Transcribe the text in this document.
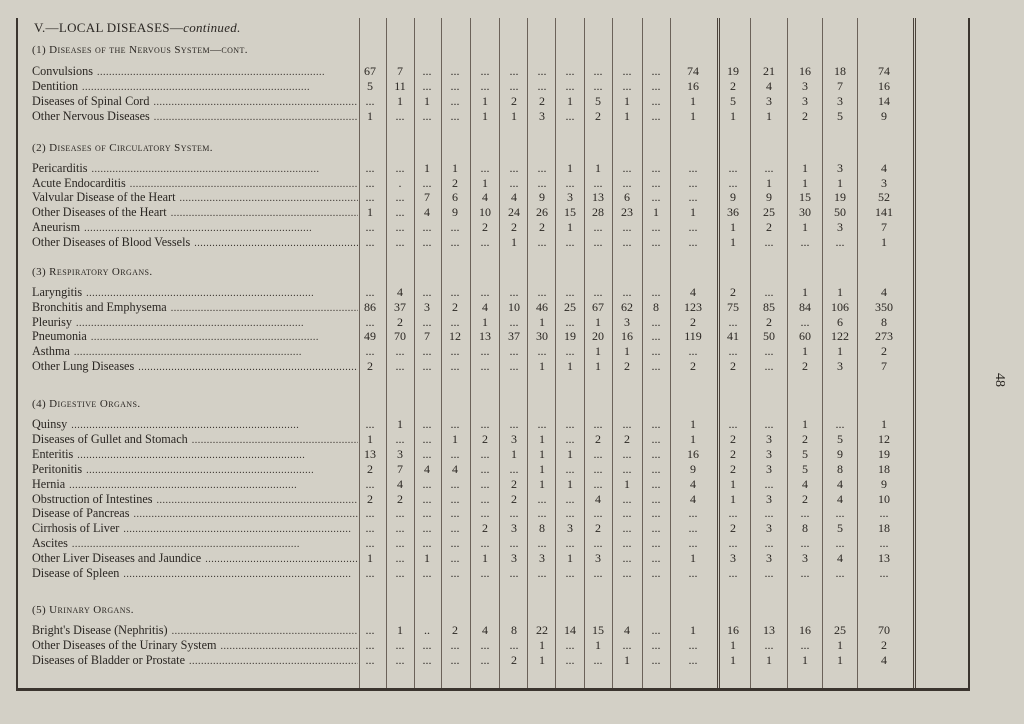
V.—LOCAL DISEASES—continued.
(1) Diseases of the Nervous System—cont.
Convulsions . . .	67	7	...	...	...	...	...	...	...	...	...	74	19	21	16	18	74
Dentition . . .	5	11	...	...	...	...	...	...	...	...	...	16	2	4	3	7	16
Diseases of Spinal Cord . . .	...	1	1	...	1	2	2	1	5	1	...	1	5	3	3	3	14
Other Nervous Diseases . . .	1	...	...	...	1	1	3	...	2	1	...	1	1	1	2	5	9
(2) Diseases of Circulatory System.
Pericarditis . . .	...	...	1	1	...	...	...	1	1	...	...	...	...	...	1	3	4
Acute Endocarditis . . .	...	.	...	2	1	...	...	...	...	...	...	...	...	1	1	1	3
Valvular Disease of the Heart . . .	...	...	7	6	4	4	9	3	13	6	...	...	9	9	15	19	52
Other Diseases of the Heart . . .	1	...	4	9	10	24	26	15	28	23	1	1	36	25	30	50	141
Aneurism . . .	...	...	...	...	2	2	2	1	...	...	...	...	1	2	1	3	7
Other Diseases of Blood Vessels . . .	...	...	...	...	...	1	...	...	...	...	...	...	1	...	...	...	1
(3) Respiratory Organs.
Laryngitis . . .	...	4	...	...	...	...	...	...	...	...	...	4	2	...	1	1	4
Bronchitis and Emphysema . . .	86	37	3	2	4	10	46	25	67	62	8	123	75	85	84	106	350
Pleurisy . . .	...	2	...	...	1	...	1	...	1	3	...	2	...	2	...	6	8
Pneumonia . . .	49	70	7	12	13	37	30	19	20	16	...	119	41	50	60	122	273
Asthma . . .	...	...	...	...	...	...	...	...	1	1	...	...	...	...	1	1	2
Other Lung Diseases . . .	2	...	...	...	...	...	1	1	1	2	...	2	2	...	2	3	7
(4) Digestive Organs.
Quinsy . . .	...	1	...	...	...	...	...	...	...	...	...	1	...	...	1	...	1
Diseases of Gullet and Stomach . . .	1	...	...	1	2	3	1	...	2	2	...	1	2	3	2	5	12
Enteritis . . .	13	3	...	...	...	1	1	1	...	...	...	16	2	3	5	9	19
Peritonitis . . .	2	7	4	4	...	...	1	...	...	...	...	9	2	3	5	8	18
Hernia . . .	...	4	...	...	...	2	1	1	...	1	...	4	1	...	4	4	9
Obstruction of Intestines . . .	2	2	...	...	...	2	...	...	4	...	...	4	1	3	2	4	10
Disease of Pancreas . . .	...	...	...	...	...	...	...	...	...	...	...	...	...	...	...	...	...
Cirrhosis of Liver . . .	...	...	...	...	2	3	8	3	2	...	...	...	2	3	8	5	18
Ascites . . .	...	...	...	...	...	...	...	...	...	...	...	...	...	...	...	...	...
Other Liver Diseases and Jaundice . . .	1	...	1	...	1	3	3	1	3	...	...	1	3	3	3	4	13
Disease of Spleen . . .	...	...	...	...	...	...	...	...	...	...	...	...	...	...	...	...	...
(5) Urinary Organs.
Bright's Disease (Nephritis) . . .	...	1	..	2	4	8	22	14	15	4	...	1	16	13	16	25	70
Other Diseases of the Urinary System . . .	...	...	...	...	...	...	1	...	1	...	...	...	1	...	...	1	2
Diseases of Bladder or Prostate . . .	...	...	...	...	...	2	1	...	...	1	...	...	1	1	1	1	4
48
